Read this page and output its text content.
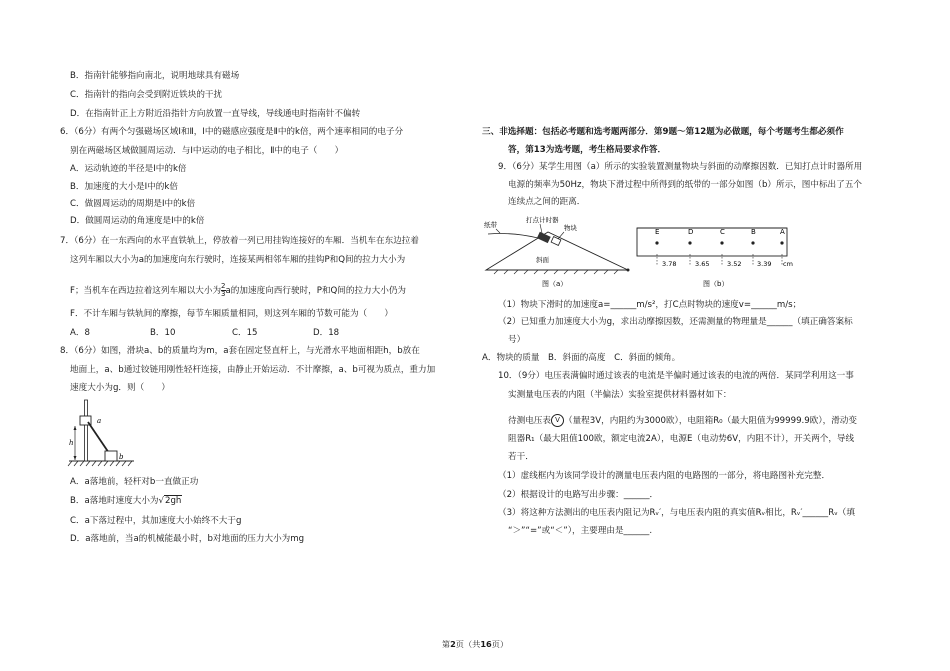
B．指南针能够指向南北，说明地球具有磁场
C．指南针的指向会受到附近铁块的干扰
D．在指南针正上方附近沿指针方向放置一直导线，导线通电时指南针不偏转
6．（6分）有两个匀强磁场区域Ⅰ和Ⅱ，Ⅰ中的磁感应强度是Ⅱ中的k倍，两个速率相同的电子分
别在两磁场区域做圆周运动．与Ⅰ中运动的电子相比，Ⅱ中的电子（　　）
A．运动轨迹的半径是Ⅰ中的k倍
B．加速度的大小是Ⅰ中的k倍
C．做圆周运动的周期是Ⅰ中的k倍
D．做圆周运动的角速度是Ⅰ中的k倍
7．（6分）在一东西向的水平直铁轨上，停放着一列已用挂钩连接好的车厢．当机车在东边拉着
这列车厢以大小为a的加速度向东行驶时，连接某两相邻车厢的挂钩P和Q间的拉力大小为
F；当机车在西边拉着这列车厢以大小为 $\frac{2}{3}$ a的加速度向西行驶时，P和Q间的拉力大小仍为
F．不计车厢与铁轨间的摩擦，每节车厢质量相同，则这列车厢的节数可能为（　　）
A．8	B．10	C．15	D．18
8．（6分）如图，滑块a、b的质量均为m，a套在固定竖直杆上，与光滑水平地面相距h，b放在
地面上，a、b通过铰链用刚性轻杆连接，由静止开始运动．不计摩擦，a、b可视为质点，重力加
速度大小为g．则（　　）
a
b
h
A．a落地前，轻杆对b一直做正功
B．a落地时速度大小为√2gh
C．a下落过程中，其加速度大小始终不大于g
D．a落地前，当a的机械能最小时，b对地面的压力大小为mg
三、非选择题：包括必考题和选考题两部分．第9题～第12题为必做题，每个考题考生都必须作
答，第13为选考题，考生格局要求作答．
9．（6分）某学生用图（a）所示的实验装置测量物块与斜面的动摩擦因数．已知打点计时器所用
电源的频率为50Hz，物块下滑过程中所得到的纸带的一部分如图（b）所示，图中标出了五个
连续点之间的距离．
纸带
打点计时器
物块
斜面
图（a）
E	D	C	B	A
3.78	3.65	3.52 3.39 cm
图（b）
（1）物块下滑时的加速度a=______m/s²，打C点时物块的速度v=______m/s；
（2）已知重力加速度大小为g，求出动摩擦因数，还需测量的物理量是______（填正确答案标
号）
A．物块的质量　B．斜面的高度　C．斜面的倾角。
10．（9分）电压表满偏时通过该表的电流是半偏时通过该表的电流的两倍．某同学利用这一事
实测量电压表的内阻（半偏法）实验室提供材料器材如下：
待测电压表 V （量程3V，内阻约为3000欧），电阻箱R₀（最大阻值为99999.9欧），滑动变
阻器R₁（最大阻值100欧，额定电流2A），电源E（电动势6V，内阻不计），开关两个，导线
若干．
（1）虚线框内为该同学设计的测量电压表内阻的电路图的一部分，将电路图补充完整．
（2）根据设计的电路写出步骤：______．
（3）将这种方法测出的电压表内阻记为Rᵥ′，与电压表内阻的真实值Rᵥ相比，Rᵥ′______Rᵥ（填
“＞”“=”或“＜”），主要理由是______.
第2页（共16页）
